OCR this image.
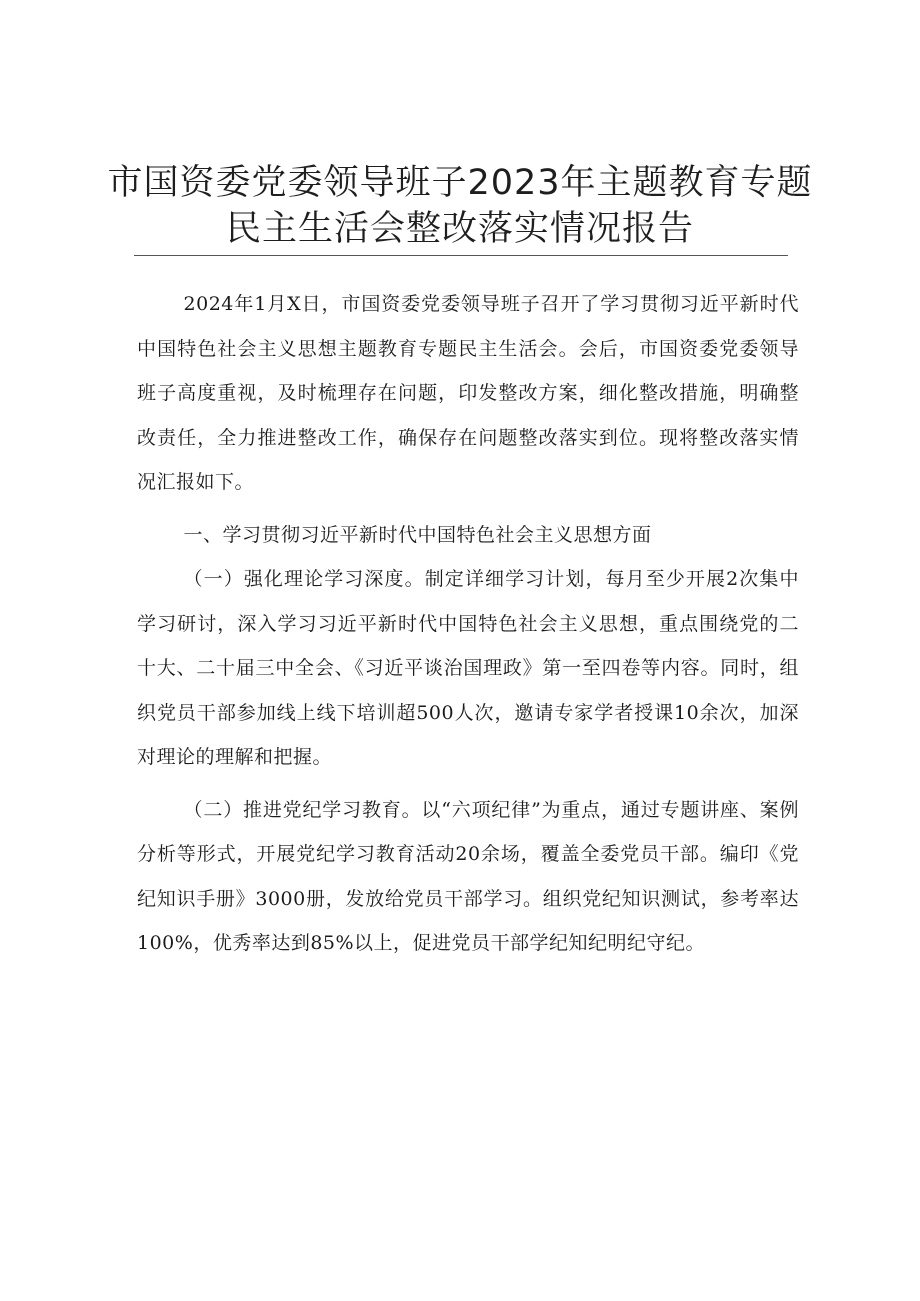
市国资委党委领导班子2023年主题教育专题
民主生活会整改落实情况报告

2024年1月X日，市国资委党委领导班子召开了学习贯彻习近平新时代中国特色社会主义思想主题教育专题民主生活会。会后，市国资委党委领导班子高度重视，及时梳理存在问题，印发整改方案，细化整改措施，明确整改责任，全力推进整改工作，确保存在问题整改落实到位。现将整改落实情况汇报如下。

一、学习贯彻习近平新时代中国特色社会主义思想方面

（一）强化理论学习深度。制定详细学习计划，每月至少开展2次集中学习研讨，深入学习习近平新时代中国特色社会主义思想，重点围绕党的二十大、二十届三中全会、《习近平谈治国理政》第一至四卷等内容。同时，组织党员干部参加线上线下培训超500人次，邀请专家学者授课10余次，加深对理论的理解和把握。

（二）推进党纪学习教育。以“六项纪律”为重点，通过专题讲座、案例分析等形式，开展党纪学习教育活动20余场，覆盖全委党员干部。编印《党纪知识手册》3000册，发放给党员干部学习。组织党纪知识测试，参考率达100%，优秀率达到85%以上，促进党员干部学纪知纪明纪守纪。
